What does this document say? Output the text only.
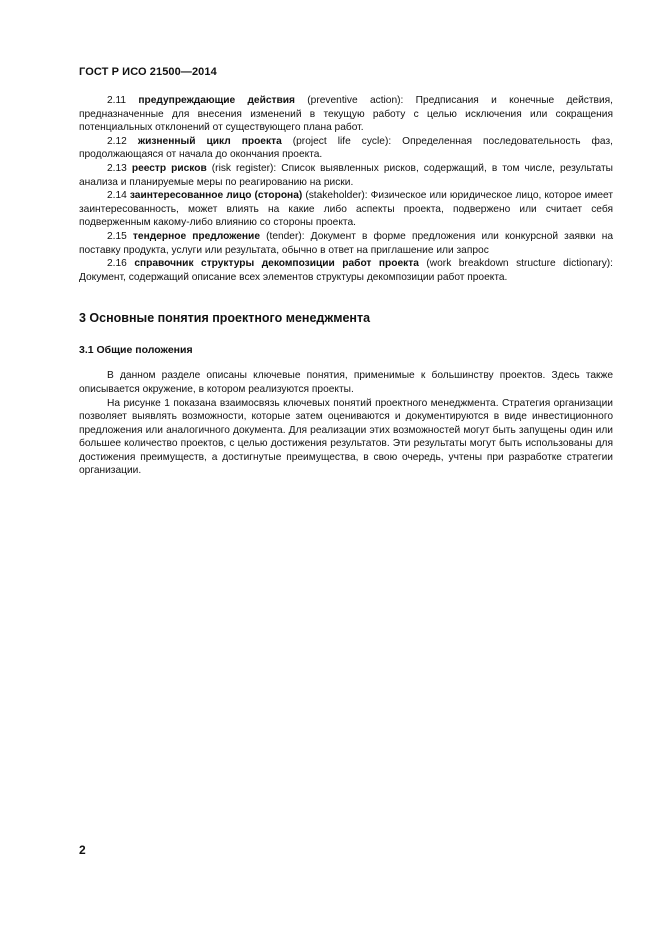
ГОСТ Р ИСО 21500—2014

2.11 предупреждающие действия (preventive action): Предписания и конечные действия, предназначенные для внесения изменений в текущую работу с целью исключения или сокращения потенциальных отклонений от существующего плана работ.

2.12 жизненный цикл проекта (project life cycle): Определенная последовательность фаз, продолжающаяся от начала до окончания проекта.

2.13 реестр рисков (risk register): Список выявленных рисков, содержащий, в том числе, результаты анализа и планируемые меры по реагированию на риски.

2.14 заинтересованное лицо (сторона) (stakeholder): Физическое или юридическое лицо, которое имеет заинтересованность, может влиять на какие либо аспекты проекта, подвержено или считает себя подверженным какому-либо влиянию со стороны проекта.

2.15 тендерное предложение (tender): Документ в форме предложения или конкурсной заявки на поставку продукта, услуги или результата, обычно в ответ на приглашение или запрос

2.16 справочник структуры декомпозиции работ проекта (work breakdown structure dictionary): Документ, содержащий описание всех элементов структуры декомпозиции работ проекта.

3 Основные понятия проектного менеджмента
3.1 Общие положения

В данном разделе описаны ключевые понятия, применимые к большинству проектов. Здесь также описывается окружение, в котором реализуются проекты.

На рисунке 1 показана взаимосвязь ключевых понятий проектного менеджмента. Стратегия организации позволяет выявлять возможности, которые затем оцениваются и документируются в виде инвестиционного предложения или аналогичного документа. Для реализации этих возможностей могут быть запущены один или большее количество проектов, с целью достижения результатов. Эти результаты могут быть использованы для достижения преимуществ, а достигнутые преимущества, в свою очередь, учтены при разработке стратегии организации.

2
